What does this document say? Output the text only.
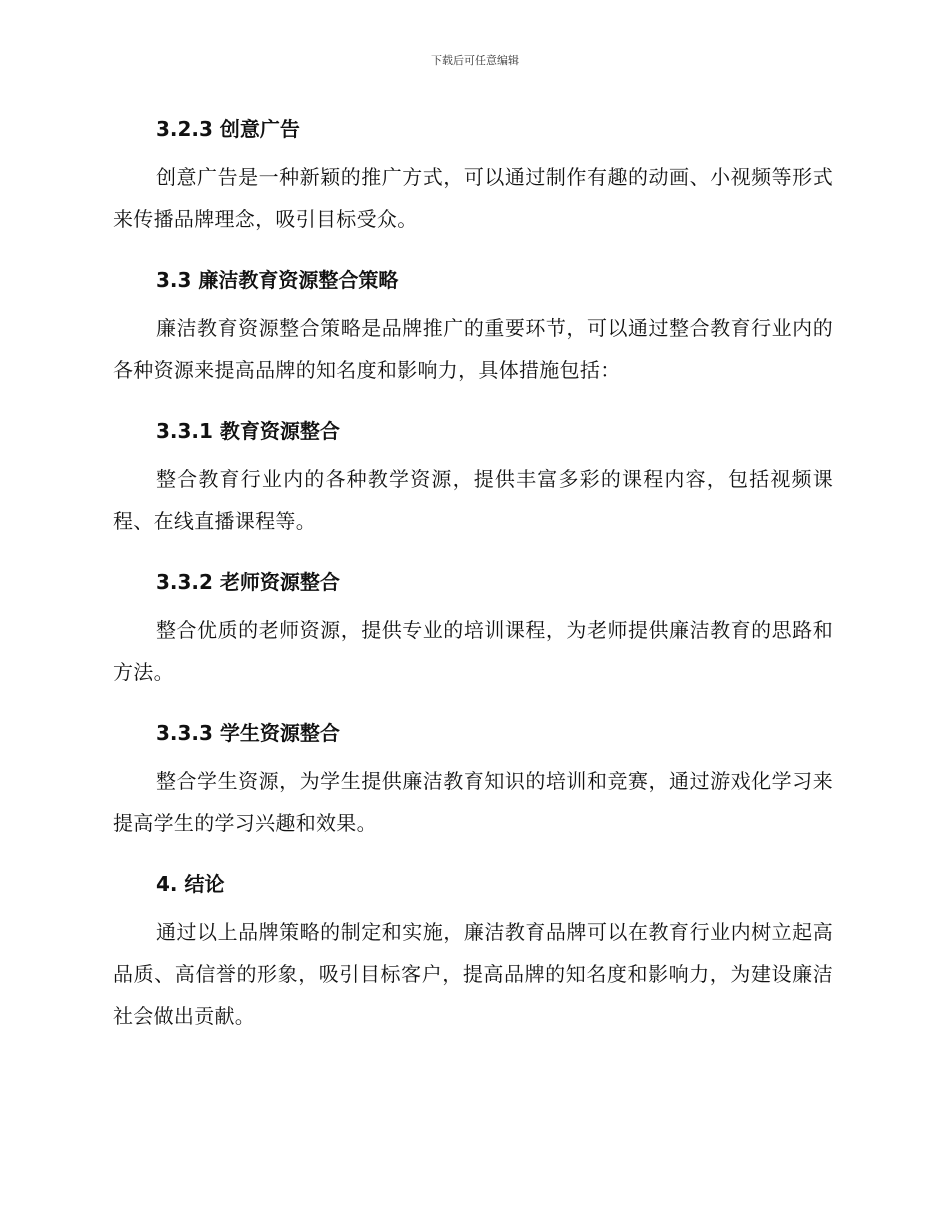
下载后可任意编辑
3.2.3 创意广告

创意广告是一种新颖的推广方式，可以通过制作有趣的动画、小视频等形式来传播品牌理念，吸引目标受众。

3.3 廉洁教育资源整合策略

廉洁教育资源整合策略是品牌推广的重要环节，可以通过整合教育行业内的各种资源来提高品牌的知名度和影响力，具体措施包括：

3.3.1 教育资源整合

整合教育行业内的各种教学资源，提供丰富多彩的课程内容，包括视频课程、在线直播课程等。

3.3.2 老师资源整合

整合优质的老师资源，提供专业的培训课程，为老师提供廉洁教育的思路和方法。

3.3.3 学生资源整合

整合学生资源，为学生提供廉洁教育知识的培训和竞赛，通过游戏化学习来提高学生的学习兴趣和效果。

4. 结论

通过以上品牌策略的制定和实施，廉洁教育品牌可以在教育行业内树立起高品质、高信誉的形象，吸引目标客户，提高品牌的知名度和影响力，为建设廉洁社会做出贡献。
